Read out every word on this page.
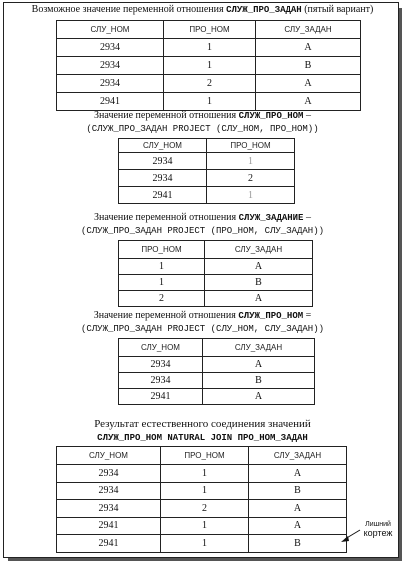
Возможное значение переменной отношения СЛУЖ_ПРО_ЗАДАН (пятый вариант)
СЛУ_НОМ	ПРО_НОМ	СЛУ_ЗАДАН
2934	1	A
2934	1	B
2934	2	A
2941	1	A
Значение переменной отношения СЛУЖ_ПРО_НОМ –
(СЛУЖ_ПРО_ЗАДАН PROJECT (СЛУ_НОМ, ПРО_НОМ))
СЛУ_НОМ	ПРО_НОМ
2934	1
2934	2
2941	1
Значение переменной отношения СЛУЖ_ЗАДАНИЕ –
(СЛУЖ_ПРО_ЗАДАН PROJECT (ПРО_НОМ, СЛУ_ЗАДАН))
ПРО_НОМ	СЛУ_ЗАДАН
1	A
1	B
2	A
Значение переменной отношения СЛУЖ_ПРО_НОМ =
(СЛУЖ_ПРО_ЗАДАН PROJECT (СЛУ_НОМ, СЛУ_ЗАДАН))
СЛУ_НОМ	СЛУ_ЗАДАН
2934	A
2934	B
2941	A
Результат естественного соединения значений
СЛУЖ_ПРО_НОМ NATURAL JOIN ПРО_НОМ_ЗАДАН
СЛУ_НОМ	ПРО_НОМ	СЛУ_ЗАДАН
2934	1	A
2934	1	B
2934	2	A
2941	1	A
2941	1	B
Лишний
кортеж
